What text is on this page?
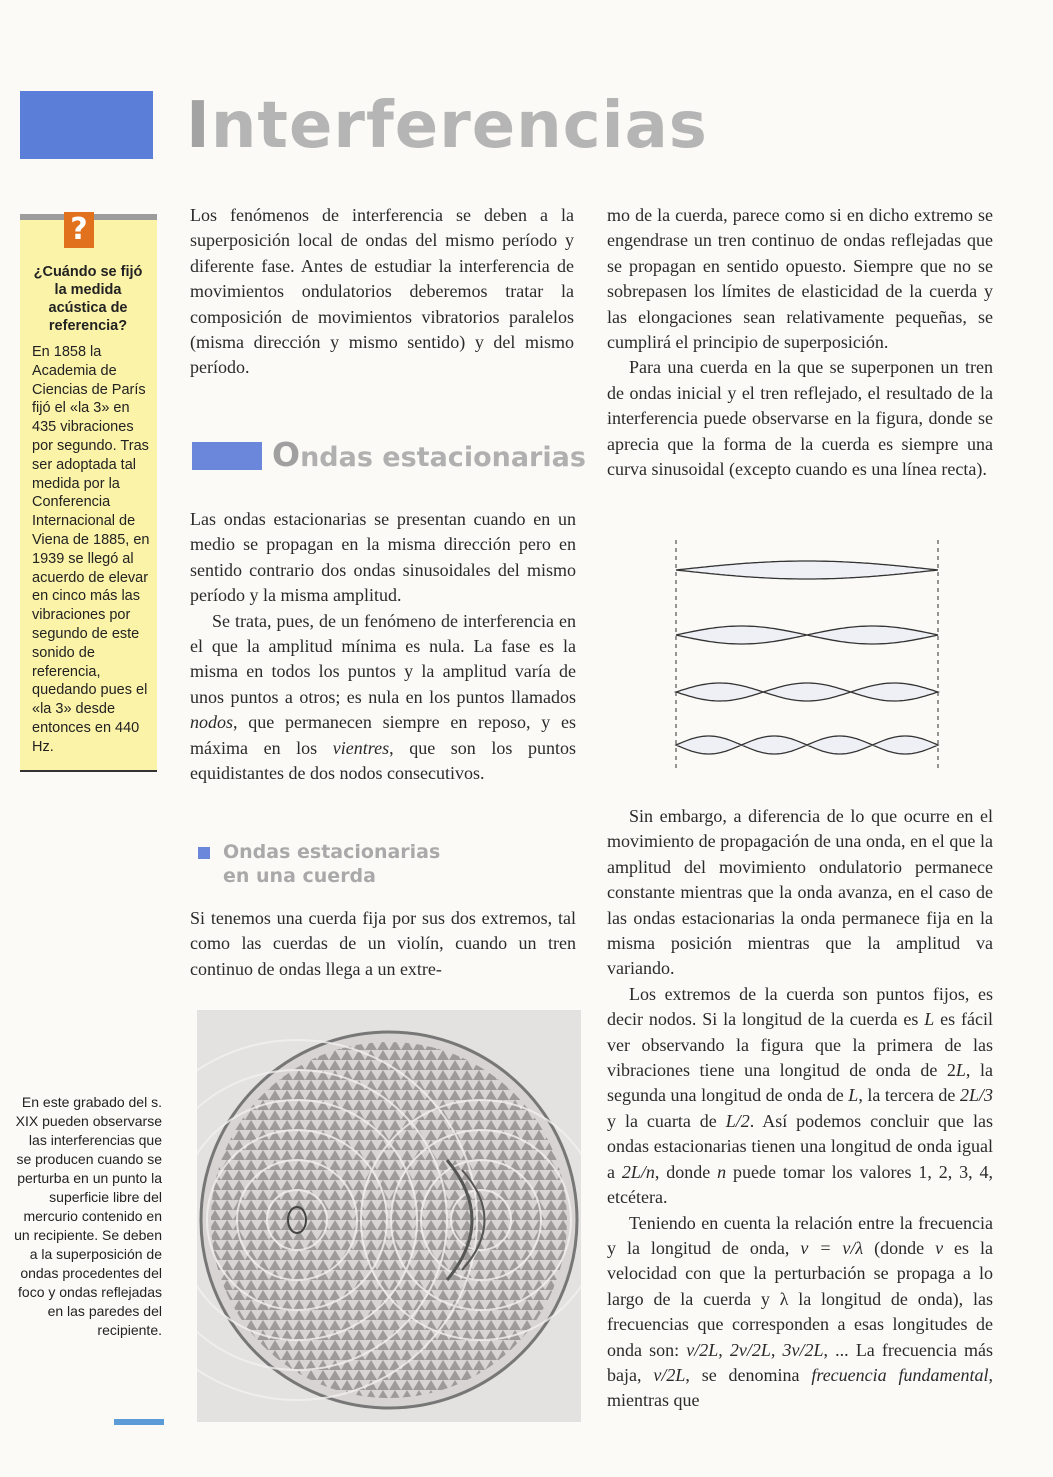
Interferencias
?
¿Cuándo se fijó la medida acústica de referencia?
En 1858 la Academia de Ciencias de París fijó el «la 3» en 435 vibraciones por segundo. Tras ser adoptada tal medida por la Conferencia Internacional de Viena de 1885, en 1939 se llegó al acuerdo de elevar en cinco más las vibraciones por segundo de este sonido de referencia, quedando pues el «la 3» desde entonces en 440 Hz.

Los fenómenos de interferencia se deben a la superposición local de ondas del mismo período y diferente fase. Antes de estudiar la interferencia de movimientos ondulatorios deberemos tratar la composición de movimientos vibratorios paralelos (misma dirección y mismo sentido) y del mismo período.

Ondas estacionarias

Las ondas estacionarias se presentan cuando en un medio se propagan en la misma dirección pero en sentido contrario dos ondas sinusoidales del mismo período y la misma amplitud.

Se trata, pues, de un fenómeno de interferencia en el que la amplitud mínima es nula. La fase es la misma en todos los puntos y la amplitud varía de unos puntos a otros; es nula en los puntos llamados nodos, que permanecen siempre en reposo, y es máxima en los vientres, que son los puntos equidistantes de dos nodos consecutivos.

Ondas estacionarias
en una cuerda

Si tenemos una cuerda fija por sus dos extremos, tal como las cuerdas de un violín, cuando un tren continuo de ondas llega a un extre-

En este grabado del s. XIX pueden observarse las interferencias que se producen cuando se perturba en un punto la superficie libre del mercurio contenido en un recipiente. Se deben a la superposición de ondas procedentes del foco y ondas reflejadas en las paredes del recipiente.

mo de la cuerda, parece como si en dicho extremo se engendrase un tren continuo de ondas reflejadas que se propagan en sentido opuesto. Siempre que no se sobrepasen los límites de elasticidad de la cuerda y las elongaciones sean relativamente pequeñas, se cumplirá el principio de superposición.

Para una cuerda en la que se superponen un tren de ondas inicial y el tren reflejado, el resultado de la interferencia puede observarse en la figura, donde se aprecia que la forma de la cuerda es siempre una curva sinusoidal (excepto cuando es una línea recta).

Sin embargo, a diferencia de lo que ocurre en el movimiento de propagación de una onda, en el que la amplitud del movimiento ondulatorio permanece constante mientras que la onda avanza, en el caso de las ondas estacionarias la onda permanece fija en la misma posición mientras que la amplitud va variando.

Los extremos de la cuerda son puntos fijos, es decir nodos. Si la longitud de la cuerda es L es fácil ver observando la figura que la primera de las vibraciones tiene una longitud de onda de 2L, la segunda una longitud de onda de L, la tercera de 2L/3 y la cuarta de L/2. Así podemos concluir que las ondas estacionarias tienen una longitud de onda igual a 2L/n, donde n puede tomar los valores 1, 2, 3, 4, etcétera.

Teniendo en cuenta la relación entre la frecuencia y la longitud de onda, ν = v/λ (donde v es la velocidad con que la perturbación se propaga a lo largo de la cuerda y λ la longitud de onda), las frecuencias que corresponden a esas longitudes de onda son: v/2L, 2v/2L, 3v/2L, ... La frecuencia más baja, v/2L, se denomina frecuencia fundamental, mientras que
